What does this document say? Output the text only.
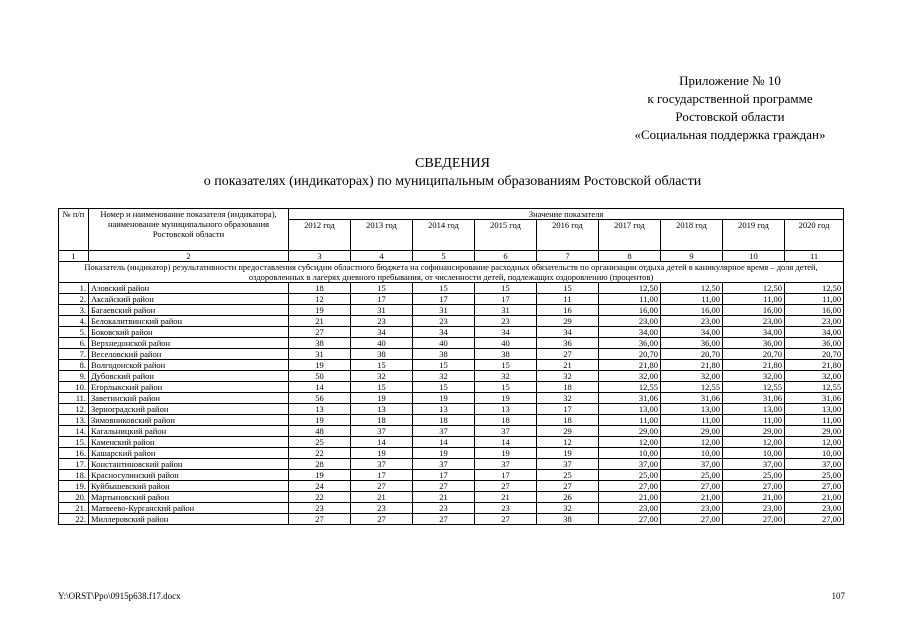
Приложение № 10
к государственной программе
Ростовской области
«Социальная поддержка граждан»
СВЕДЕНИЯ
о показателях (индикаторах) по муниципальным образованиям Ростовской области
№ п/п	Номер и наименование показателя (индикатора), наименование муниципального образования Ростовской области	Значение показателя								
		2012 год	2013 год	2014 год	2015 год	2016 год	2017 год	2018 год	2019 год	2020 год
1	2	3	4	5	6	7	8	9	10	11
Показатель (индикатор) результативности предоставления субсидии областного бюджета на софинансирование расходных обязательств по организации отдыха детей в каникулярное время – доля детей, оздоровленных в лагерях дневного пребывания, от численности детей, подлежащих оздоровлению (процентов)										
1.	Азовский район	18	15	15	15	15	12,50	12,50	12,50	12,50
2.	Аксайский район	12	17	17	17	11	11,00	11,00	11,00	11,00
3.	Багаевский район	19	31	31	31	16	16,00	16,00	16,00	16,00
4.	Белокалитвинский район	21	23	23	23	29	23,00	23,00	23,00	23,00
5.	Боковский район	27	34	34	34	34	34,00	34,00	34,00	34,00
6.	Верхнедонской район	38	40	40	40	36	36,00	36,00	36,00	36,00
7.	Веселовский район	31	38	38	38	27	20,70	20,70	20,70	20,70
8.	Волгодонской район	19	15	15	15	21	21,80	21,80	21,80	21,80
9.	Дубовский район	50	32	32	32	32	32,00	32,00	32,00	32,00
10.	Егорлыкский район	14	15	15	15	18	12,55	12,55	12,55	12,55
11.	Заветинский район	56	19	19	19	32	31,06	31,06	31,06	31,06
12.	Зерноградский район	13	13	13	13	17	13,00	13,00	13,00	13,00
13.	Зимовниковский район	19	18	18	18	18	11,00	11,00	11,00	11,00
14.	Кагальницкий район	48	37	37	37	29	29,00	29,00	29,00	29,00
15.	Каменский район	25	14	14	14	12	12,00	12,00	12,00	12,00
16.	Кашарский район	22	19	19	19	19	10,00	10,00	10,00	10,00
17.	Константиновский район	28	37	37	37	37	37,00	37,00	37,00	37,00
18.	Красносулинский район	19	17	17	17	25	25,00	25,00	25,00	25,00
19.	Куйбышевский район	24	27	27	27	27	27,00	27,00	27,00	27,00
20.	Мартыновский район	22	21	21	21	26	21,00	21,00	21,00	21,00
21.	Матвеево-Курганский район	23	23	23	23	32	23,00	23,00	23,00	23,00
22.	Миллеровский район	27	27	27	27	38	27,00	27,00	27,00	27,00
Y:\ORST\Ppo\0915p638.f17.docx	107
